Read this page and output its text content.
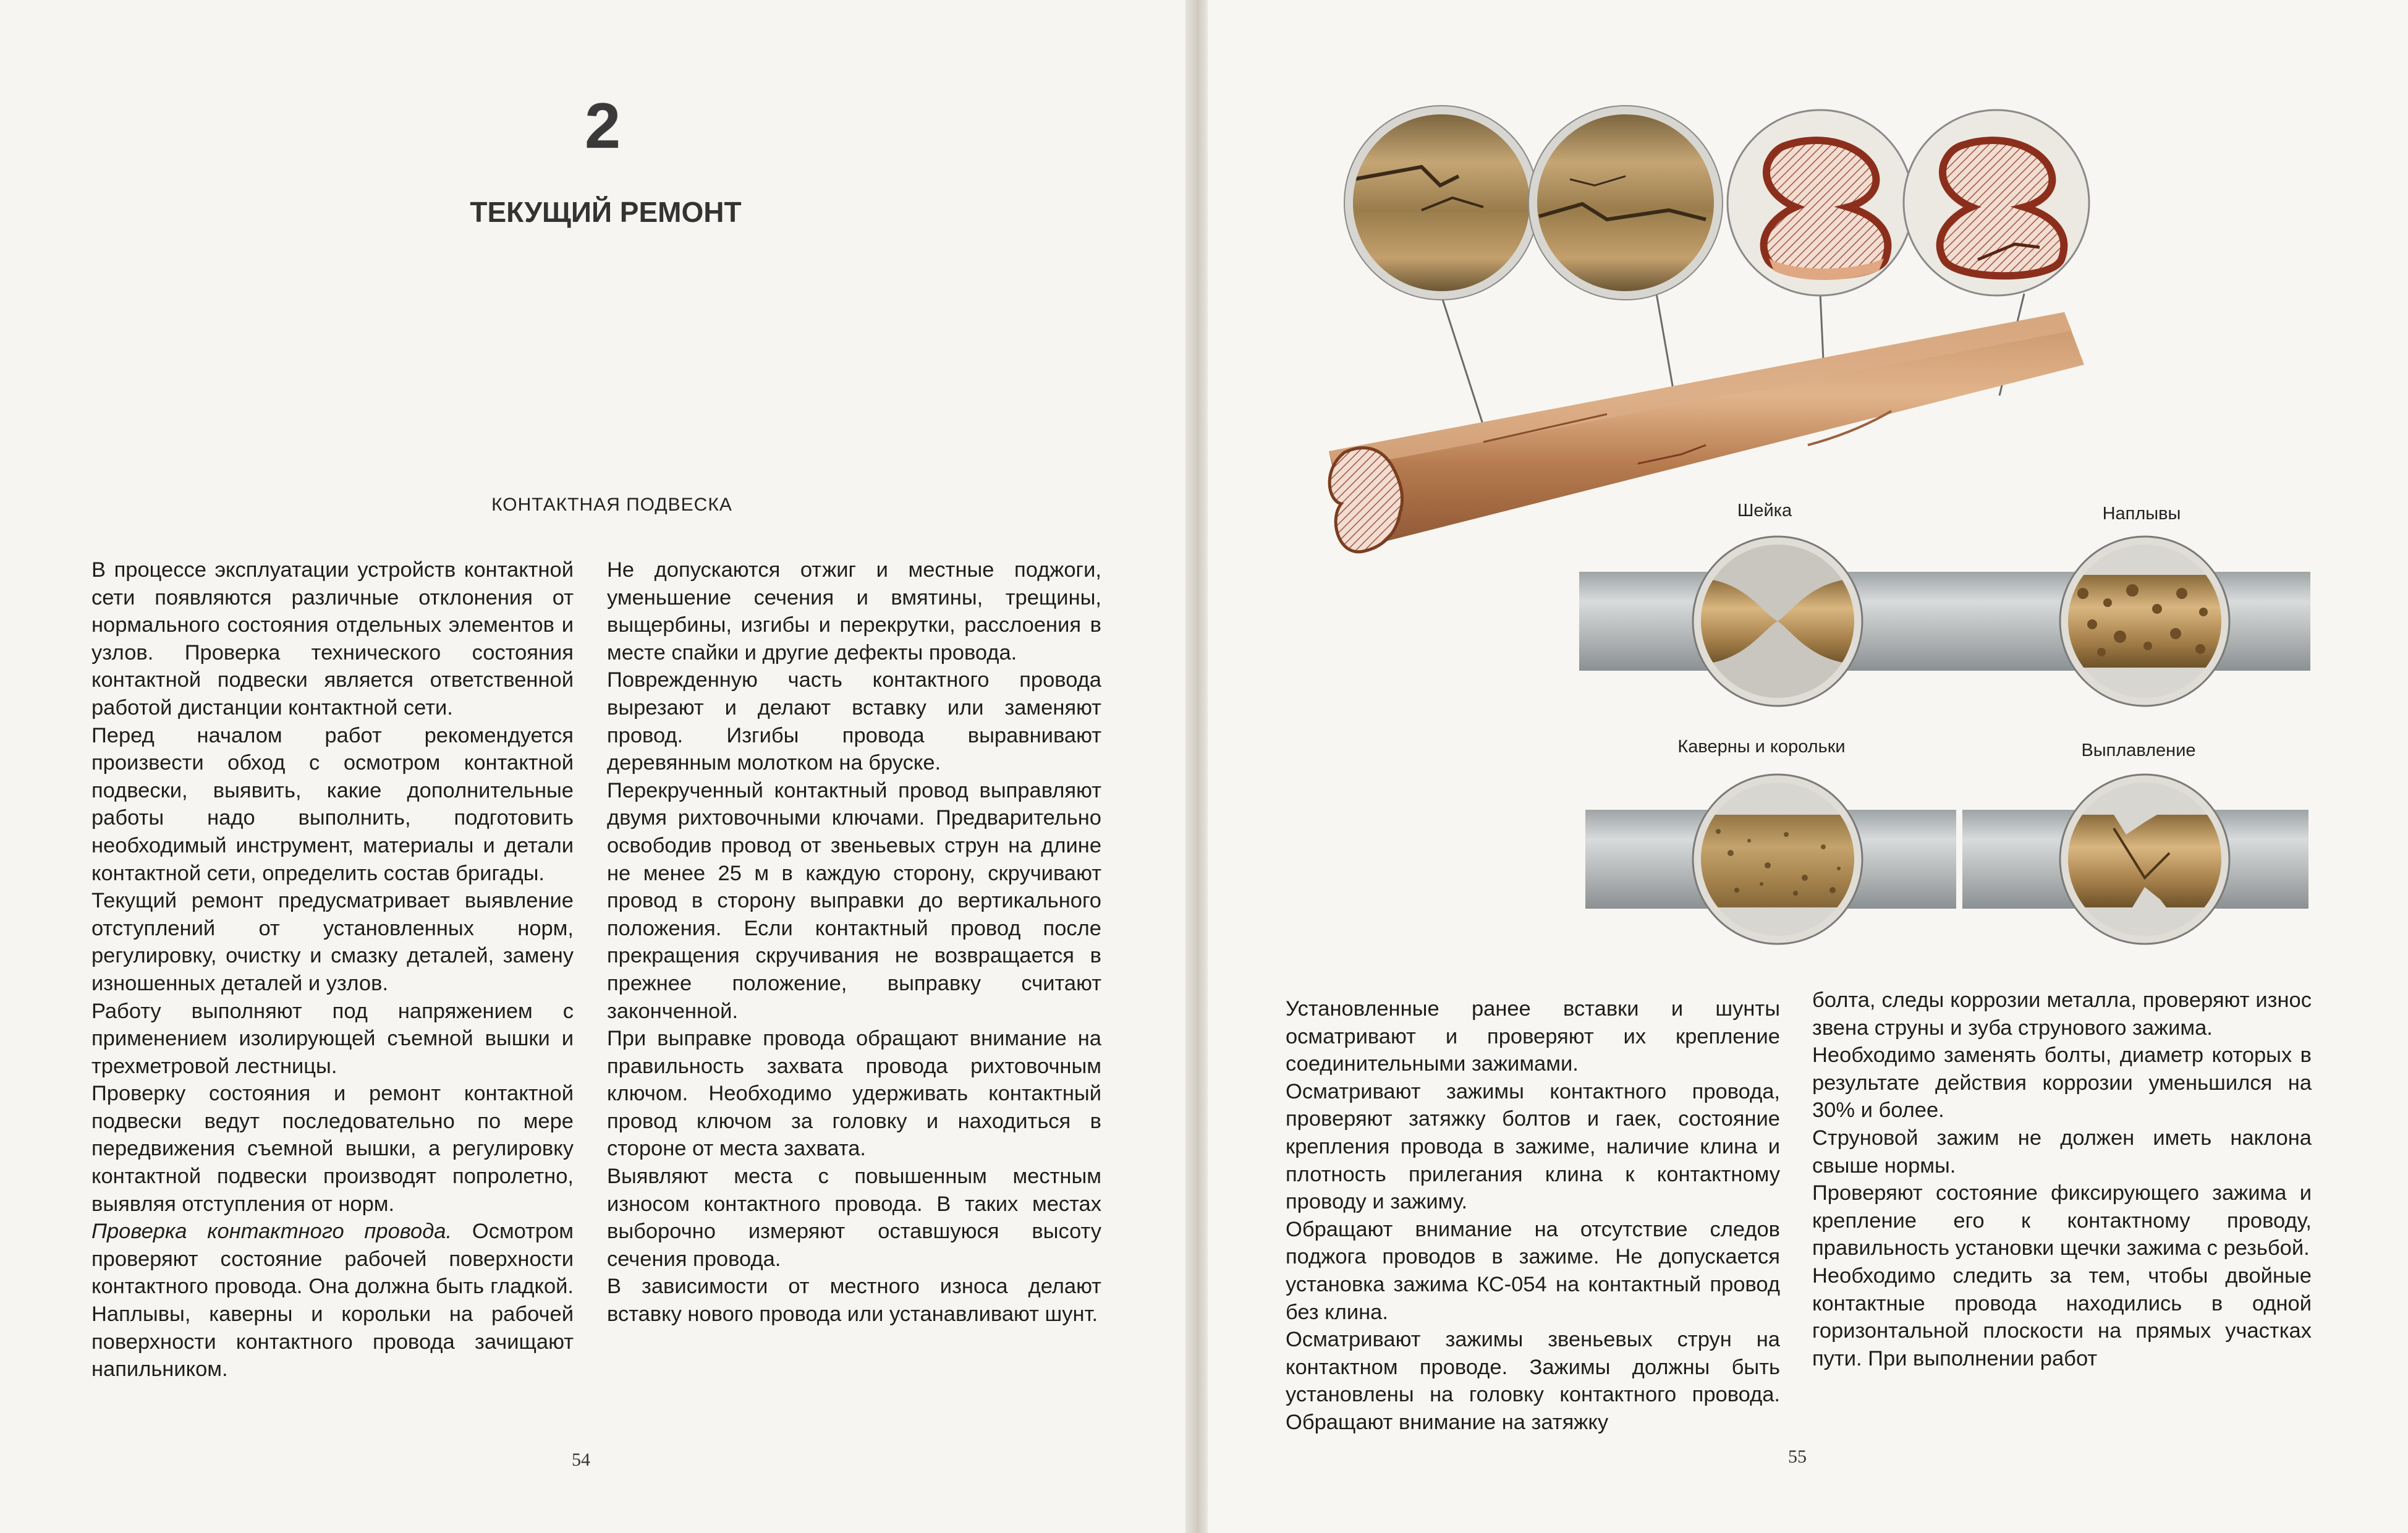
2
ТЕКУЩИЙ РЕМОНТ
КОНТАКТНАЯ ПОДВЕСКА

В процессе эксплуатации устройств контактной сети появляются различные отклонения от нормального состояния отдельных элементов и узлов. Проверка технического состояния контактной подвески является ответственной работой дистанции контактной сети.

Перед началом работ рекомендуется произвести обход с осмотром контактной подвески, выявить, какие дополнительные работы надо выполнить, подготовить необходимый инструмент, материалы и детали контактной сети, определить состав бригады.

Текущий ремонт предусматривает выявление отступлений от установленных норм, регулировку, очистку и смазку деталей, замену изношенных деталей и узлов.

Работу выполняют под напряжением с применением изолирующей съемной вышки и трехметровой лестницы.

Проверку состояния и ремонт контактной подвески ведут последовательно по мере передвижения съемной вышки, а регулировку контактной подвески производят попролетно, выявляя отступления от норм.

Проверка контактного провода. Осмотром проверяют состояние рабочей поверхности контактного провода. Она должна быть гладкой. Наплывы, каверны и корольки на рабочей поверхности контактного провода зачищают напильником.

Не допускаются отжиг и местные поджоги, уменьшение сечения и вмятины, трещины, выщербины, изгибы и перекрутки, расслоения в месте спайки и другие дефекты провода.

Поврежденную часть контактного провода вырезают и делают вставку или заменяют провод. Изгибы провода выравнивают деревянным молотком на бруске.

Перекрученный контактный провод выправляют двумя рихтовочными ключами. Предварительно освободив провод от звеньевых струн на длине не менее 25 м в каждую сторону, скручивают провод в сторону выправки до вертикального положения. Если контактный провод после прекращения скручивания не возвращается в прежнее положение, выправку считают законченной.

При выправке провода обращают внимание на правильность захвата провода рихтовочным ключом. Необходимо удерживать контактный провод ключом за головку и находиться в стороне от места захвата.

Выявляют места с повышенным местным износом контактного провода. В таких местах выборочно измеряют оставшуюся высоту сечения провода.

В зависимости от местного износа делают вставку нового провода или устанавливают шунт.

54
Шейка	Наплывы
Каверны и корольки	Выплавление

Установленные ранее вставки и шунты осматривают и проверяют их крепление соединительными зажимами.

Осматривают зажимы контактного провода, проверяют затяжку болтов и гаек, состояние крепления провода в зажиме, наличие клина и плотность прилегания клина к контактному проводу и зажиму.

Обращают внимание на отсутствие следов поджога проводов в зажиме. Не допускается установка зажима КС-054 на контактный провод без клина.

Осматривают зажимы звеньевых струн на контактном проводе. Зажимы должны быть установлены на головку контактного провода. Обращают внимание на затяжку

болта, следы коррозии металла, проверяют износ звена струны и зуба струнового зажима.

Необходимо заменять болты, диаметр которых в результате действия коррозии уменьшился на 30% и более.

Струновой зажим не должен иметь наклона свыше нормы.

Проверяют состояние фиксирующего зажима и крепление его к контактному проводу, правильность установки щечки зажима с резьбой.

Необходимо следить за тем, чтобы двойные контактные провода находились в одной горизонтальной плоскости на прямых участках пути. При выполнении работ

55
